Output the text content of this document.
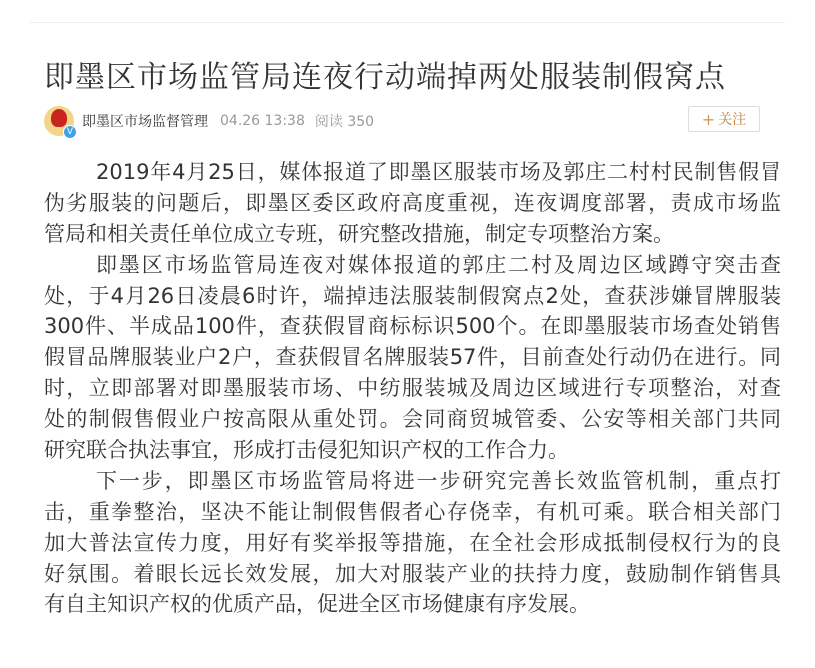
即墨区市场监管局连夜行动端掉两处服装制假窝点
V
即墨区市场监督管理 04.26 13:38 阅读 350	+ 关注
2019年4月25日，媒体报道了即墨区服装市场及郭庄二村村民制售假冒
伪劣服装的问题后，即墨区委区政府高度重视，连夜调度部署，责成市场监
管局和相关责任单位成立专班，研究整改措施，制定专项整治方案。
即墨区市场监管局连夜对媒体报道的郭庄二村及周边区域蹲守突击查
处，于4月26日凌晨6时许，端掉违法服装制假窝点2处，查获涉嫌冒牌服装
300件、半成品100件，查获假冒商标标识500个。在即墨服装市场查处销售
假冒品牌服装业户2户，查获假冒名牌服装57件，目前查处行动仍在进行。同
时，立即部署对即墨服装市场、中纺服装城及周边区域进行专项整治，对查
处的制假售假业户按高限从重处罚。会同商贸城管委、公安等相关部门共同
研究联合执法事宜，形成打击侵犯知识产权的工作合力。
下一步，即墨区市场监管局将进一步研究完善长效监管机制，重点打
击，重拳整治，坚决不能让制假售假者心存侥幸，有机可乘。联合相关部门
加大普法宣传力度，用好有奖举报等措施，在全社会形成抵制侵权行为的良
好氛围。着眼长远长效发展，加大对服装产业的扶持力度，鼓励制作销售具
有自主知识产权的优质产品，促进全区市场健康有序发展。
